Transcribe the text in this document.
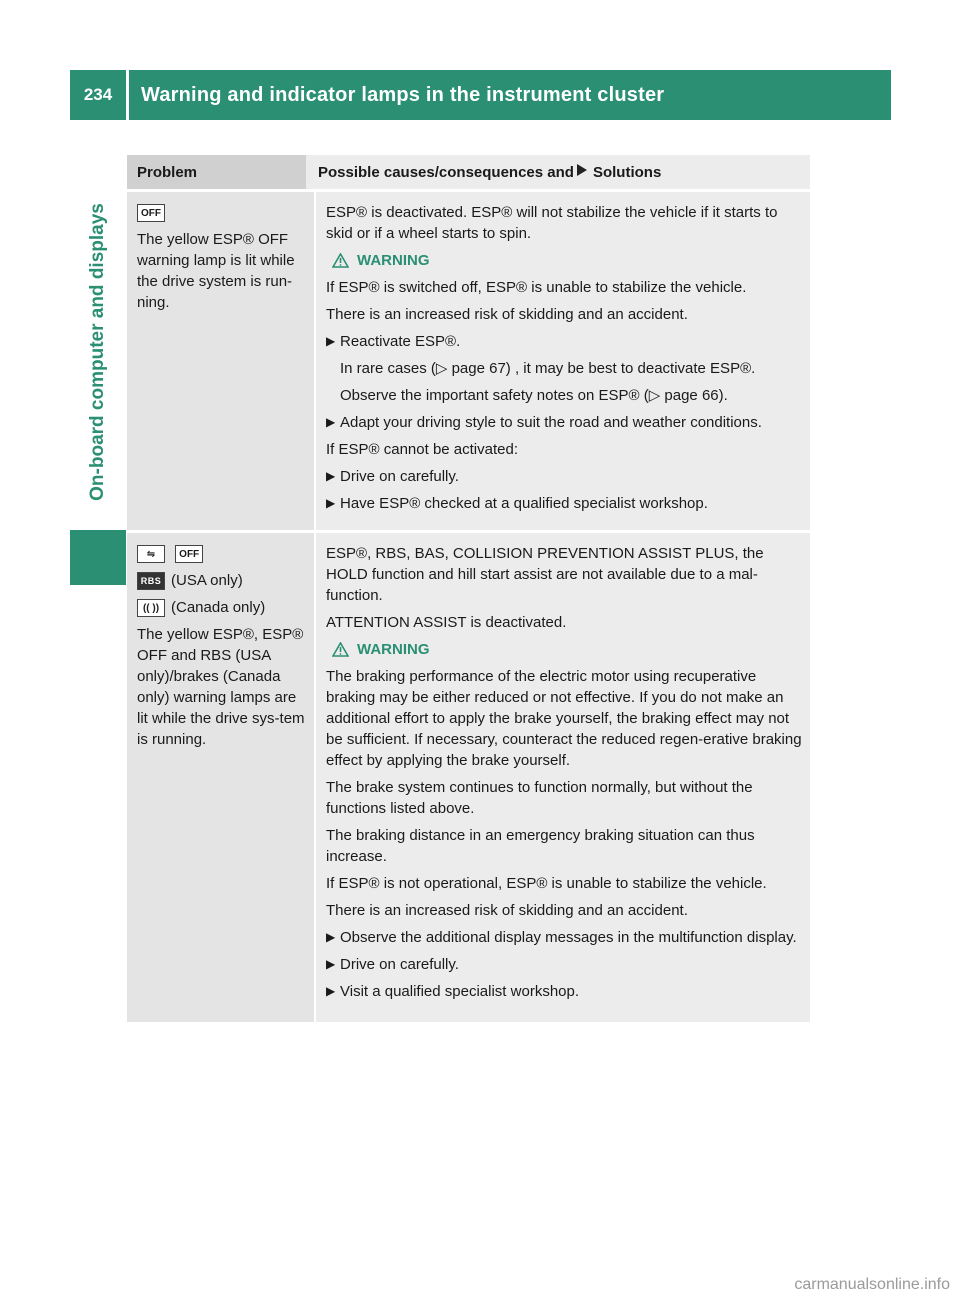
234	Warning and indicator lamps in the instrument cluster
On-board computer and displays
Problem	Possible causes/consequences and Solutions

OFF

The yellow ESP® OFF warning lamp is lit while the drive system is run-ning.

ESP® is deactivated. ESP® will not stabilize the vehicle if it starts to skid or if a wheel starts to spin.

WARNING

If ESP® is switched off, ESP® is unable to stabilize the vehicle.

There is an increased risk of skidding and an accident.

▶ Reactivate ESP®.

In rare cases (▷ page 67) , it may be best to deactivate ESP®.

Observe the important safety notes on ESP® (▷ page 66).

▶ Adapt your driving style to suit the road and weather conditions.

If ESP® cannot be activated:

▶ Drive on carefully.
▶ Have ESP® checked at a qualified specialist workshop.

⇋ OFF

RBS (USA only)

(( )) (Canada only)

The yellow ESP®, ESP® OFF and RBS (USA only)/brakes (Canada only) warning lamps are lit while the drive sys-tem is running.

ESP®, RBS, BAS, COLLISION PREVENTION ASSIST PLUS, the HOLD function and hill start assist are not available due to a mal-function.

ATTENTION ASSIST is deactivated.

WARNING

The braking performance of the electric motor using recuperative braking may be either reduced or not effective. If you do not make an additional effort to apply the brake yourself, the braking effect may not be sufficient. If necessary, counteract the reduced regen-erative braking effect by applying the brake yourself.

The brake system continues to function normally, but without the functions listed above.

The braking distance in an emergency braking situation can thus increase.

If ESP® is not operational, ESP® is unable to stabilize the vehicle.

There is an increased risk of skidding and an accident.

▶ Observe the additional display messages in the multifunction display.
▶ Drive on carefully.
▶ Visit a qualified specialist workshop.
carmanualsonline.info
